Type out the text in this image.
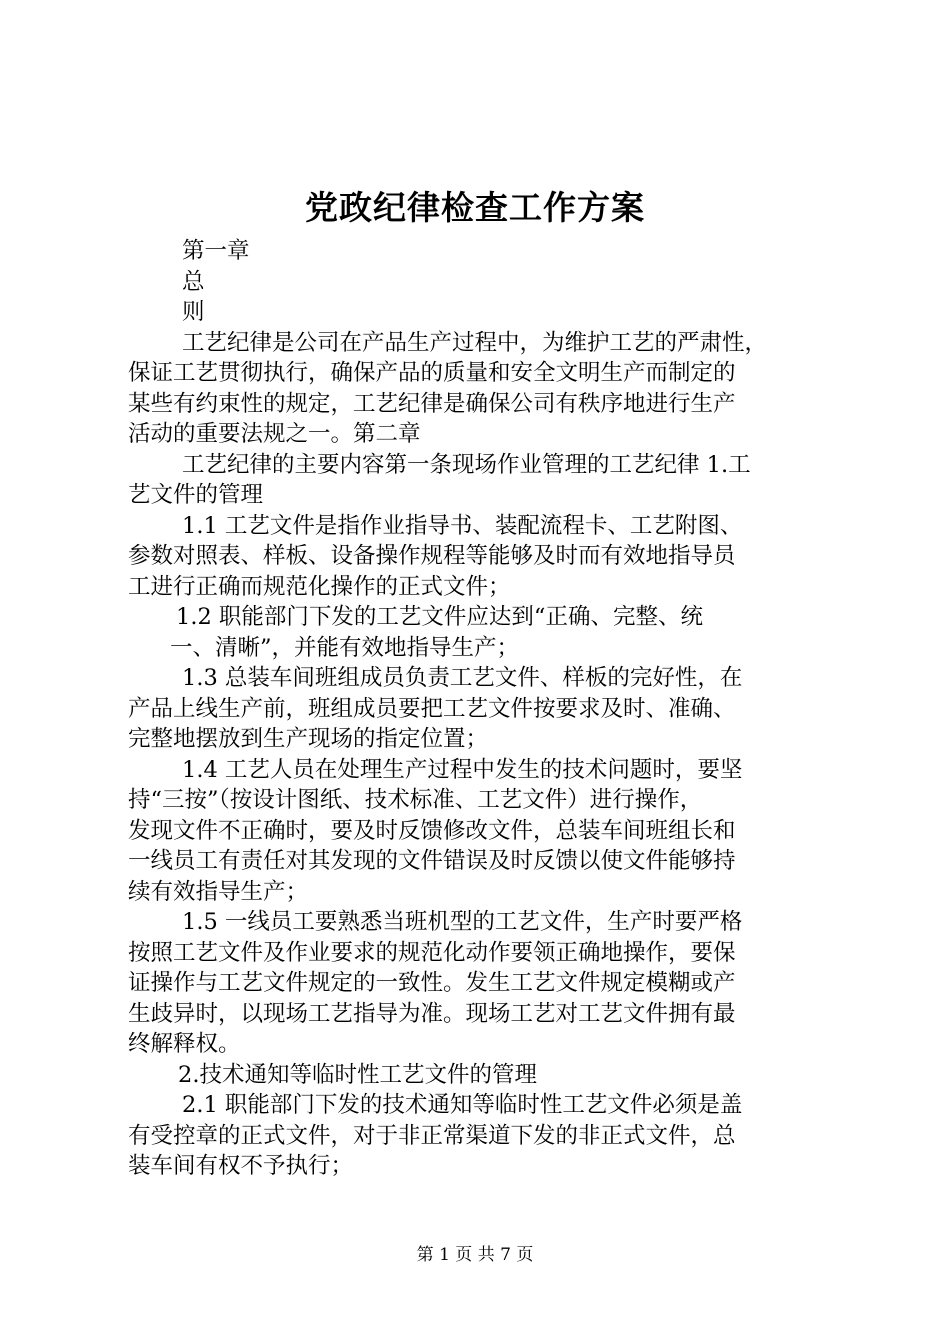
党政纪律检查工作方案
第一章
总
则
工艺纪律是公司在产品生产过程中，为维护工艺的严肃性，
保证工艺贯彻执行，确保产品的质量和安全文明生产而制定的
某些有约束性的规定，工艺纪律是确保公司有秩序地进行生产
活动的重要法规之一。第二章
工艺纪律的主要内容第一条现场作业管理的工艺纪律 1.工
艺文件的管理
1.1 工艺文件是指作业指导书、装配流程卡、工艺附图、
参数对照表、样板、设备操作规程等能够及时而有效地指导员
工进行正确而规范化操作的正式文件；
1.2 职能部门下发的工艺文件应达到“正确、完整、统
一、清晰”，并能有效地指导生产；
1.3 总装车间班组成员负责工艺文件、样板的完好性，在
产品上线生产前，班组成员要把工艺文件按要求及时、准确、
完整地摆放到生产现场的指定位置；
1.4 工艺人员在处理生产过程中发生的技术问题时，要坚
持“三按”（按设计图纸、技术标准、工艺文件）进行操作，
发现文件不正确时，要及时反馈修改文件，总装车间班组长和
一线员工有责任对其发现的文件错误及时反馈以使文件能够持
续有效指导生产；
1.5 一线员工要熟悉当班机型的工艺文件，生产时要严格
按照工艺文件及作业要求的规范化动作要领正确地操作，要保
证操作与工艺文件规定的一致性。发生工艺文件规定模糊或产
生歧异时，以现场工艺指导为准。现场工艺对工艺文件拥有最
终解释权。
2.技术通知等临时性工艺文件的管理
2.1 职能部门下发的技术通知等临时性工艺文件必须是盖
有受控章的正式文件，对于非正常渠道下发的非正式文件，总
装车间有权不予执行；
第 1 页 共 7 页
